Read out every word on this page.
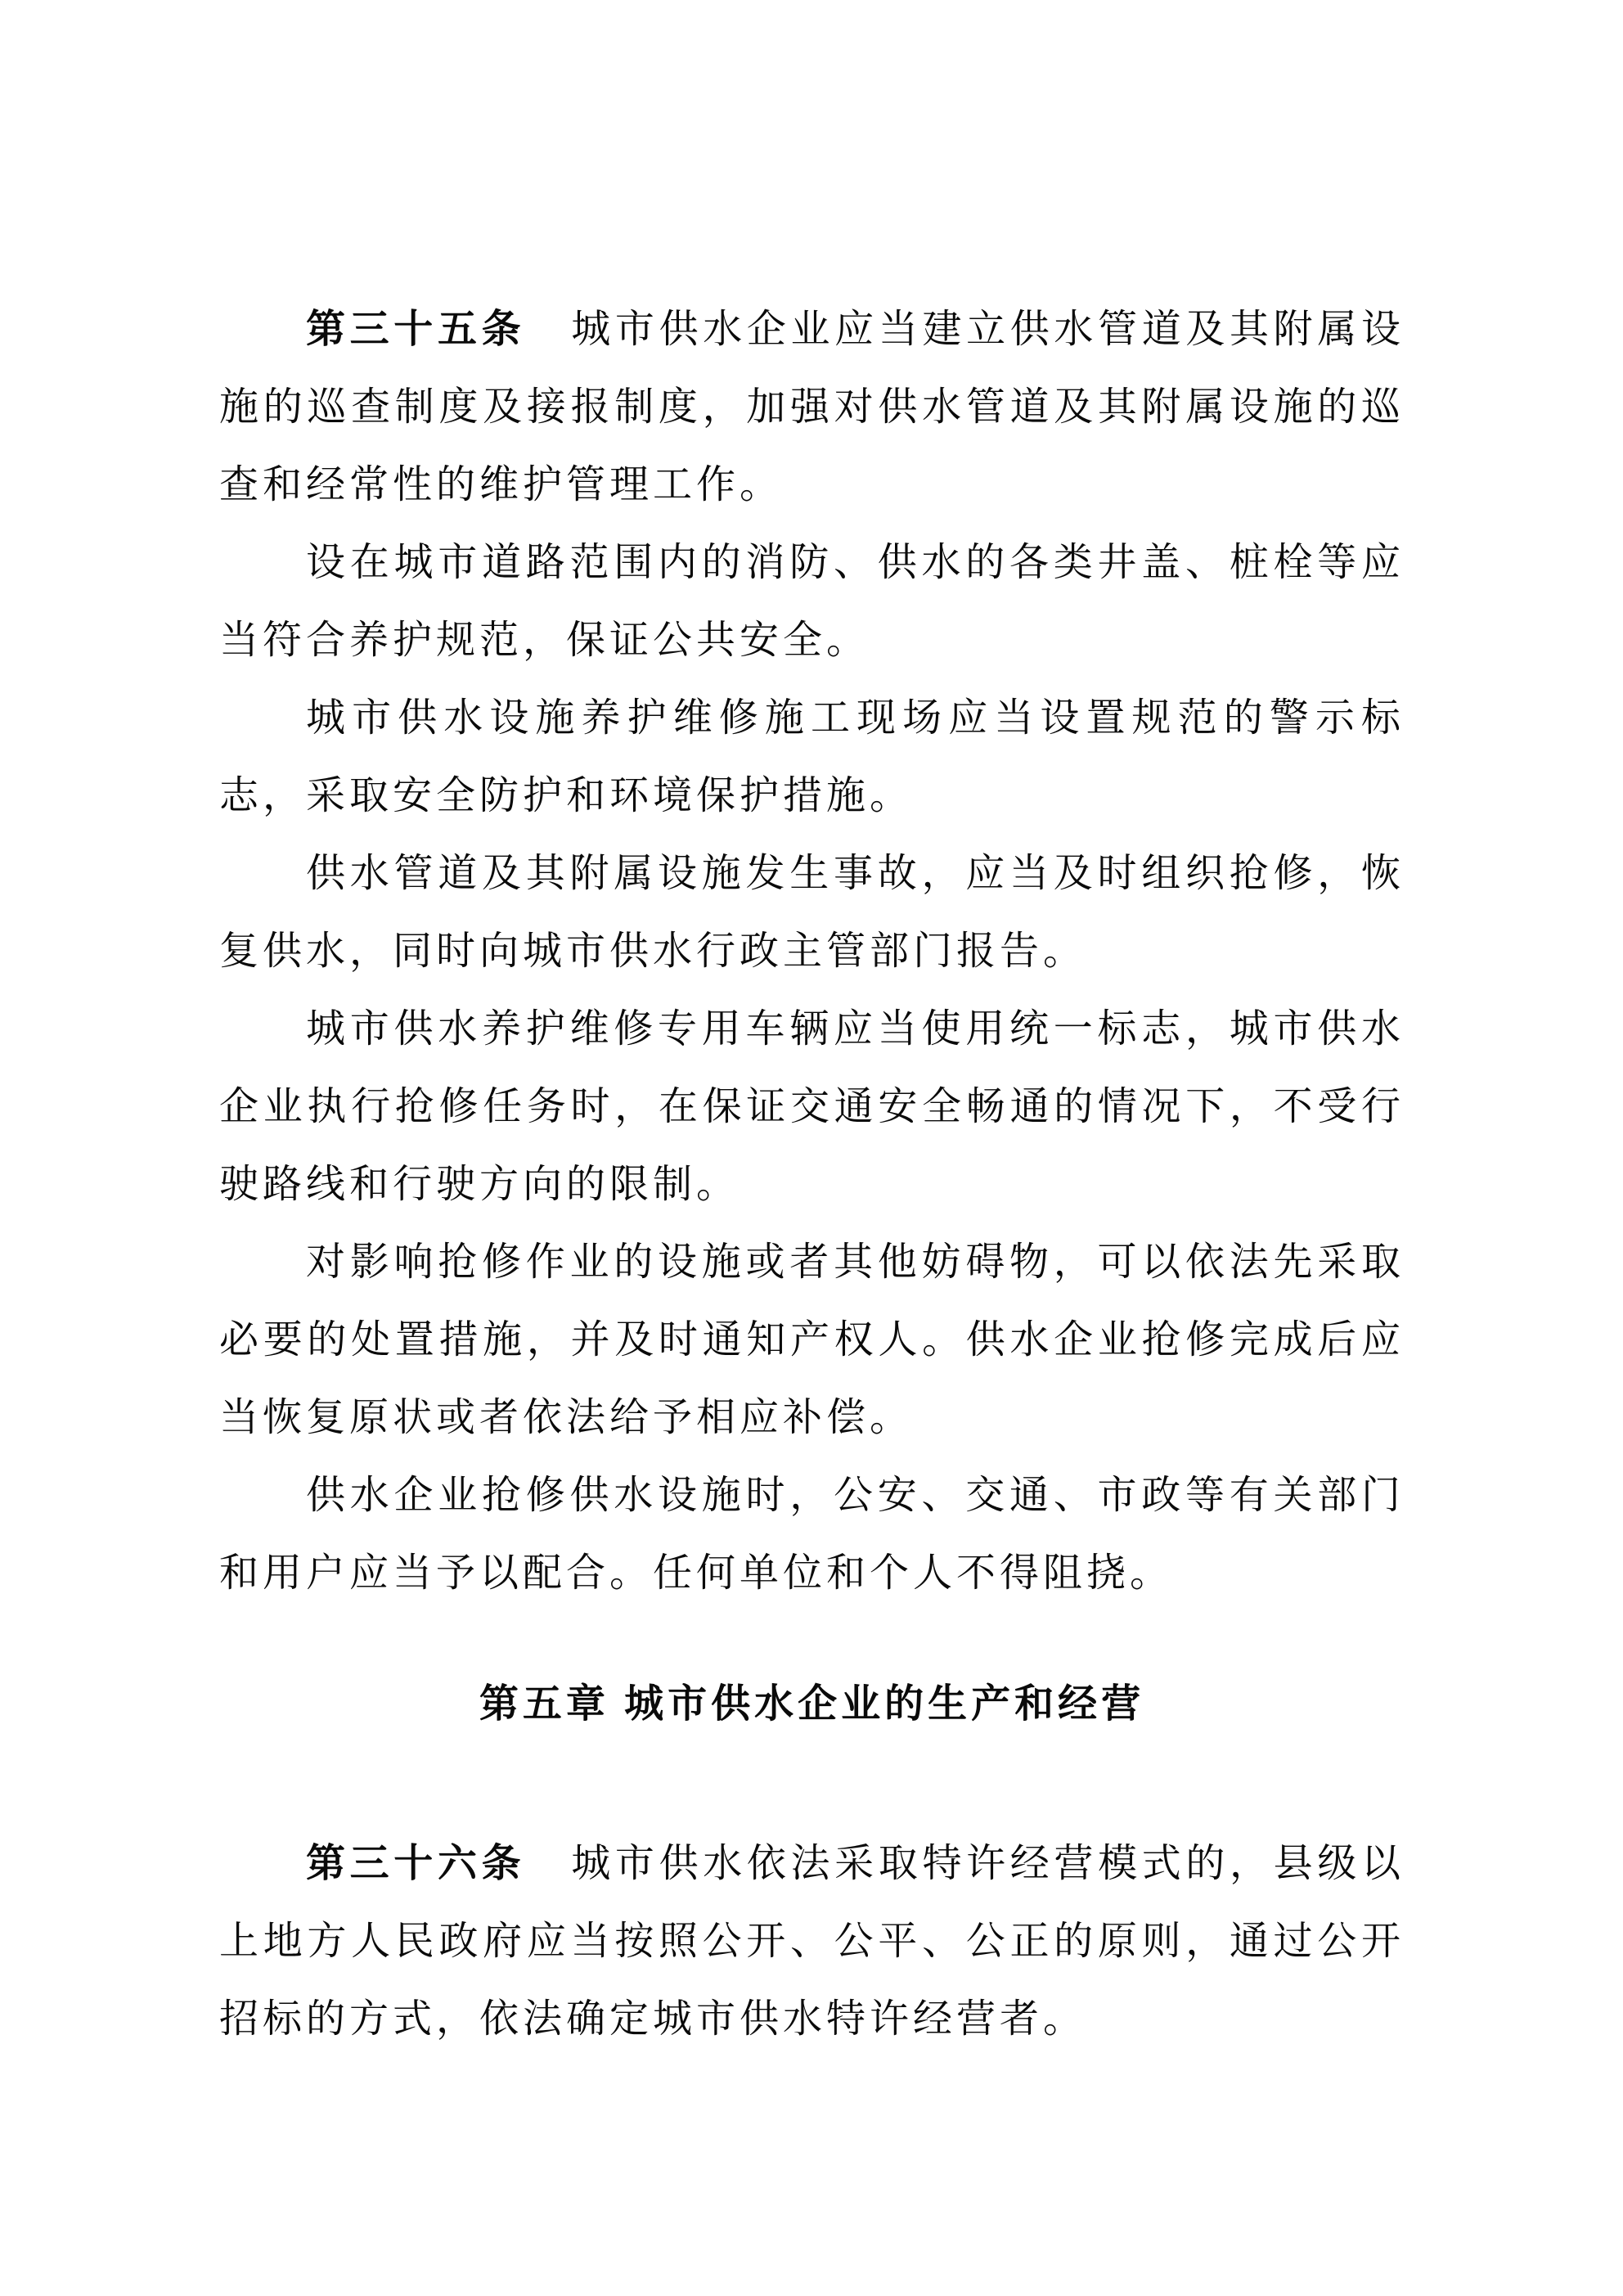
第三十五条 城市供水企业应当建立供水管道及其附属设施的巡查制度及接报制度，加强对供水管道及其附属设施的巡查和经常性的维护管理工作。

设在城市道路范围内的消防、供水的各类井盖、桩栓等应当符合养护规范，保证公共安全。

城市供水设施养护维修施工现场应当设置规范的警示标志，采取安全防护和环境保护措施。

供水管道及其附属设施发生事故，应当及时组织抢修，恢复供水，同时向城市供水行政主管部门报告。

城市供水养护维修专用车辆应当使用统一标志，城市供水企业执行抢修任务时，在保证交通安全畅通的情况下，不受行驶路线和行驶方向的限制。

对影响抢修作业的设施或者其他妨碍物，可以依法先采取必要的处置措施，并及时通知产权人。供水企业抢修完成后应当恢复原状或者依法给予相应补偿。

供水企业抢修供水设施时，公安、交通、市政等有关部门和用户应当予以配合。任何单位和个人不得阻挠。

第五章 城市供水企业的生产和经营

第三十六条 城市供水依法采取特许经营模式的，县级以上地方人民政府应当按照公开、公平、公正的原则，通过公开招标的方式，依法确定城市供水特许经营者。
